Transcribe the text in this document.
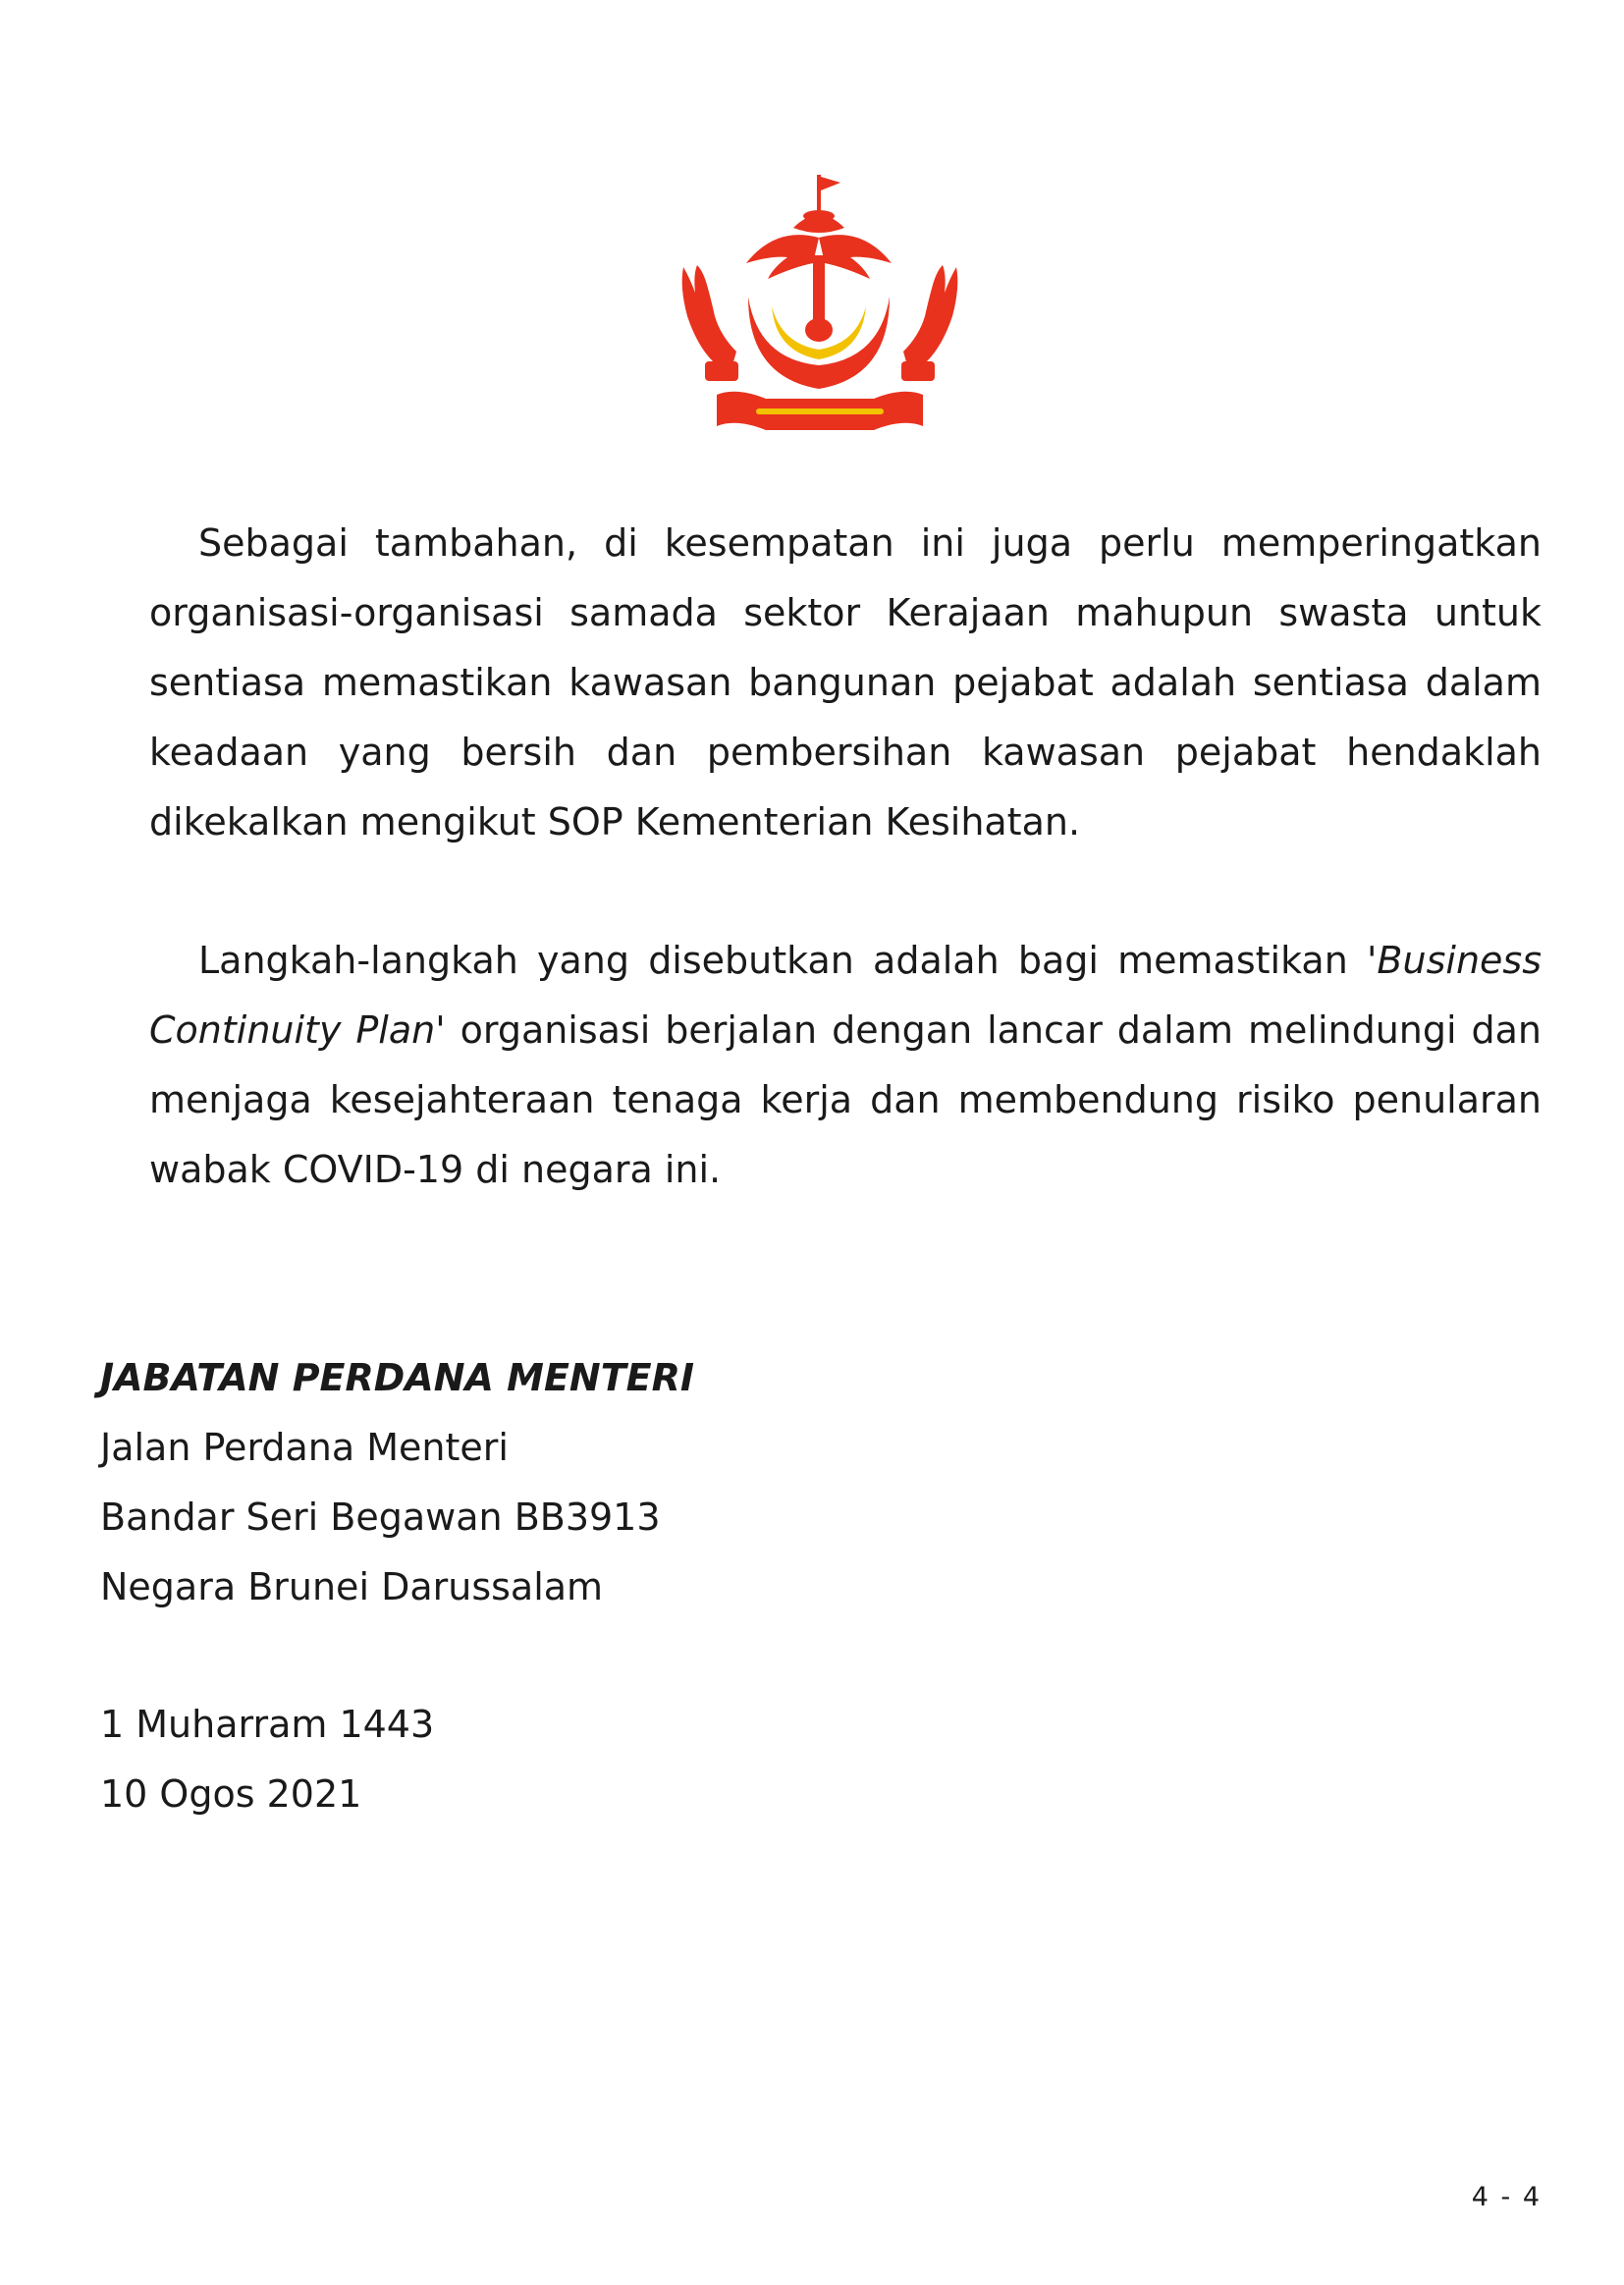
Sebagai tambahan, di kesempatan ini juga perlu memperingatkan organisasi-organisasi samada sektor Kerajaan mahupun swasta untuk sentiasa memastikan kawasan bangunan pejabat adalah sentiasa dalam keadaan yang bersih dan pembersihan kawasan pejabat hendaklah dikekalkan mengikut SOP Kementerian Kesihatan.

Langkah-langkah yang disebutkan adalah bagi memastikan 'Business Continuity Plan' organisasi berjalan dengan lancar dalam melindungi dan menjaga kesejahteraan tenaga kerja dan membendung risiko penularan wabak COVID-19 di negara ini.

JABATAN PERDANA MENTERI
Jalan Perdana Menteri
Bandar Seri Begawan BB3913
Negara Brunei Darussalam
1 Muharram 1443
10 Ogos 2021
4 - 4
